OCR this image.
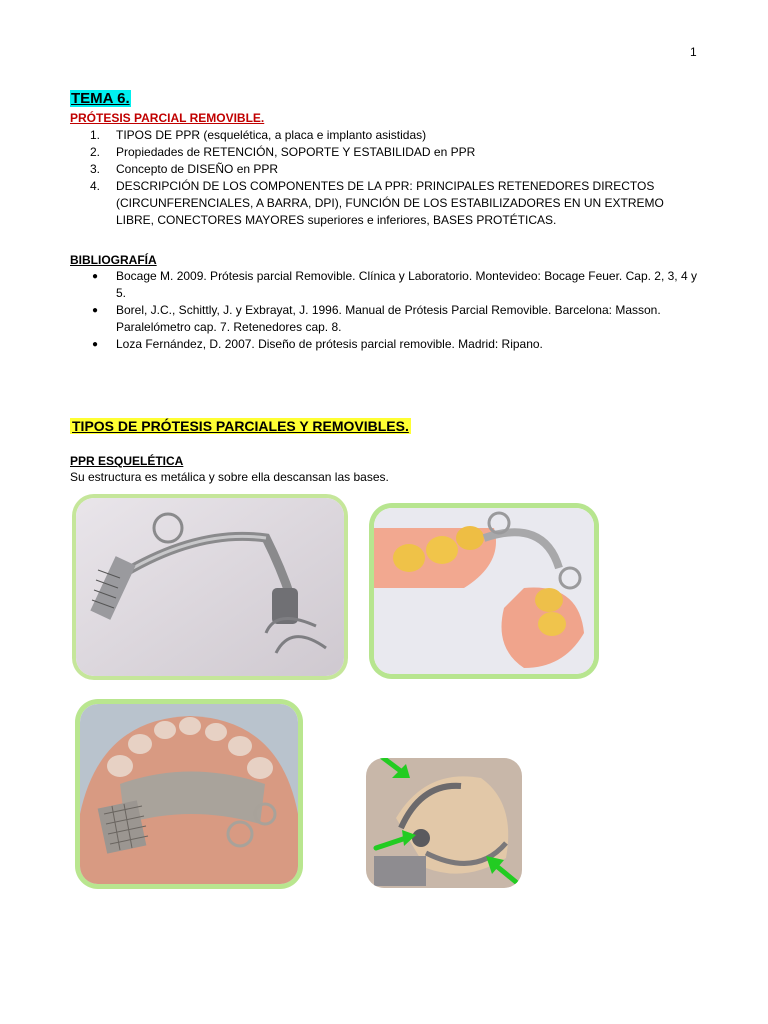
1
TEMA 6.
PRÓTESIS PARCIAL REMOVIBLE.
1. TIPOS DE PPR (esquelética, a placa e implanto asistidas)
2. Propiedades de RETENCIÓN, SOPORTE Y ESTABILIDAD en PPR
3. Concepto de DISEÑO en PPR
4. DESCRIPCIÓN DE LOS COMPONENTES DE LA PPR: PRINCIPALES RETENEDORES DIRECTOS (CIRCUNFERENCIALES, A BARRA, DPI), FUNCIÓN DE LOS ESTABILIZADORES EN UN EXTREMO LIBRE, CONECTORES MAYORES superiores e inferiores, BASES PROTÉTICAS.
BIBLIOGRAFÍA
● Bocage M. 2009. Prótesis parcial Removible. Clínica y Laboratorio. Montevideo: Bocage Feuer. Cap. 2, 3, 4 y 5.
● Borel, J.C., Schittly, J. y Exbrayat, J. 1996. Manual de Prótesis Parcial Removible. Barcelona: Masson. Paralelómetro cap. 7. Retenedores cap. 8.
● Loza Fernández, D. 2007. Diseño de prótesis parcial removible. Madrid: Ripano.
TIPOS DE PRÓTESIS PARCIALES Y REMOVIBLES.
PPR ESQUELÉTICA
Su estructura es metálica y sobre ella descansan las bases.
